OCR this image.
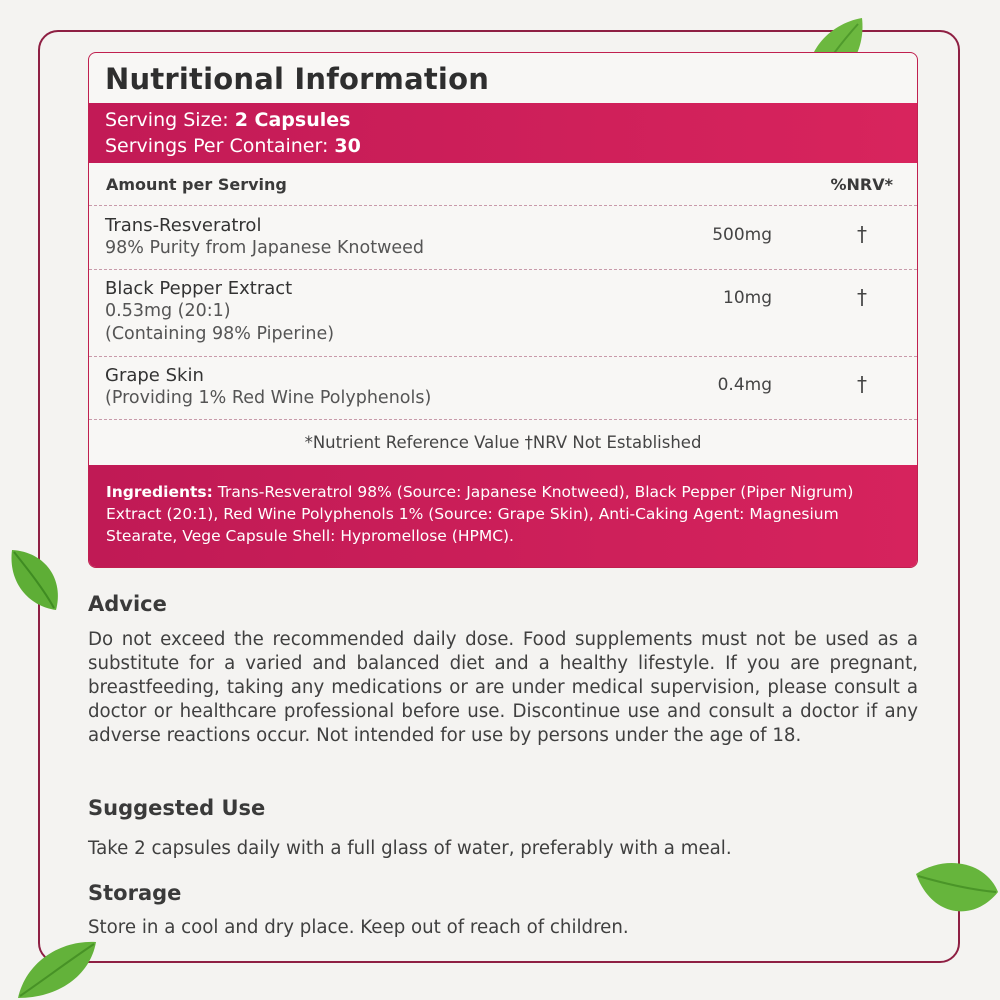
Nutritional Information
Serving Size: 2 Capsules
Servings Per Container: 30
Amount per Serving	%NRV*
Trans-Resveratrol
98% Purity from Japanese Knotweed
500mg	†
Black Pepper Extract
0.53mg (20:1)
(Containing 98% Piperine)
10mg	†
Grape Skin
(Providing 1% Red Wine Polyphenols)
0.4mg	†
*Nutrient Reference Value †NRV Not Established
Ingredients: Trans-Resveratrol 98% (Source: Japanese Knotweed), Black Pepper (Piper Nigrum) Extract (20:1), Red Wine Polyphenols 1% (Source: Grape Skin), Anti-Caking Agent: Magnesium Stearate, Vege Capsule Shell: Hypromellose (HPMC).
Advice
Do not exceed the recommended daily dose. Food supplements must not be used as a substitute for a varied and balanced diet and a healthy lifestyle. If you are pregnant, breastfeeding, taking any medications or are under medical supervision, please consult a doctor or healthcare professional before use. Discontinue use and consult a doctor if any adverse reactions occur. Not intended for use by persons under the age of 18.
Suggested Use
Take 2 capsules daily with a full glass of water, preferably with a meal.
Storage
Store in a cool and dry place. Keep out of reach of children.
